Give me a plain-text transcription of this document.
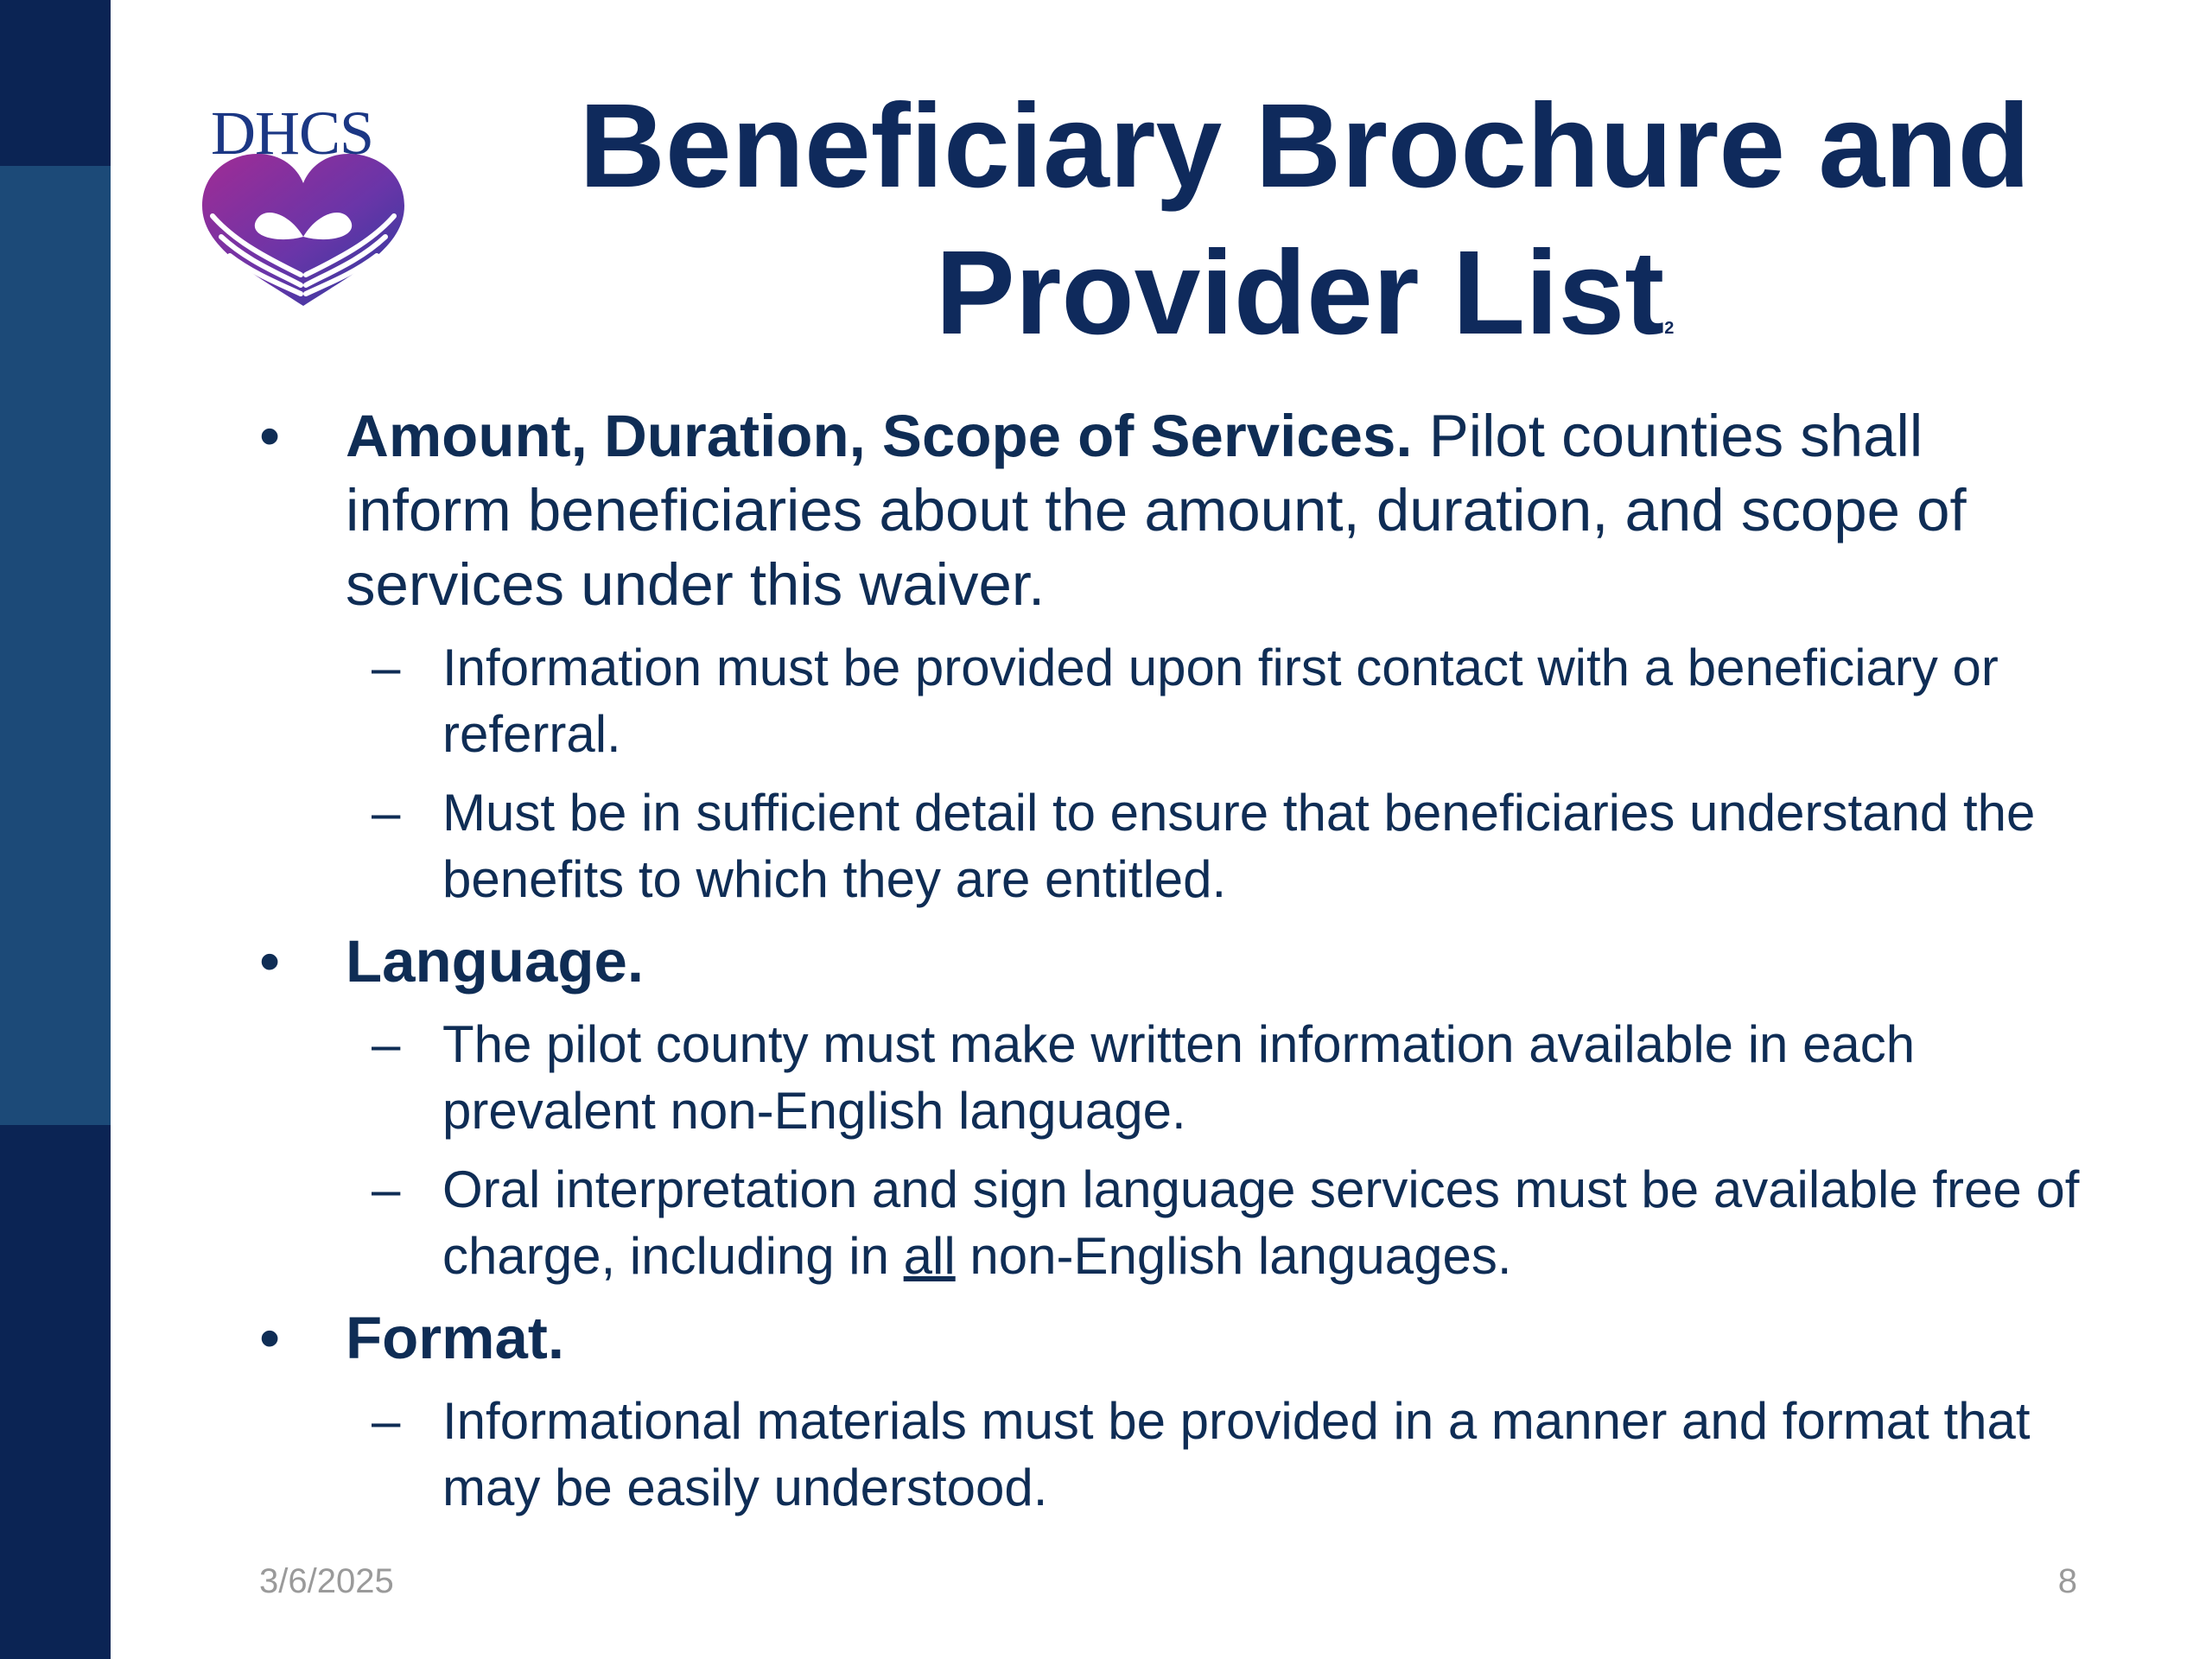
DHCS	Beneficiary Brochure and
Provider List2
• Amount, Duration, Scope of Services. Pilot counties shall inform beneficiaries about the amount, duration, and scope of services under this waiver.
– Information must be provided upon first contact with a beneficiary or referral.
– Must be in sufficient detail to ensure that beneficiaries understand the benefits to which they are entitled.
• Language.
– The pilot county must make written information available in each prevalent non-English language.
– Oral interpretation and sign language services must be available free of charge, including in all non-English languages.
• Format.
– Informational materials must be provided in a manner and format that may be easily understood.
3/6/2025	8
